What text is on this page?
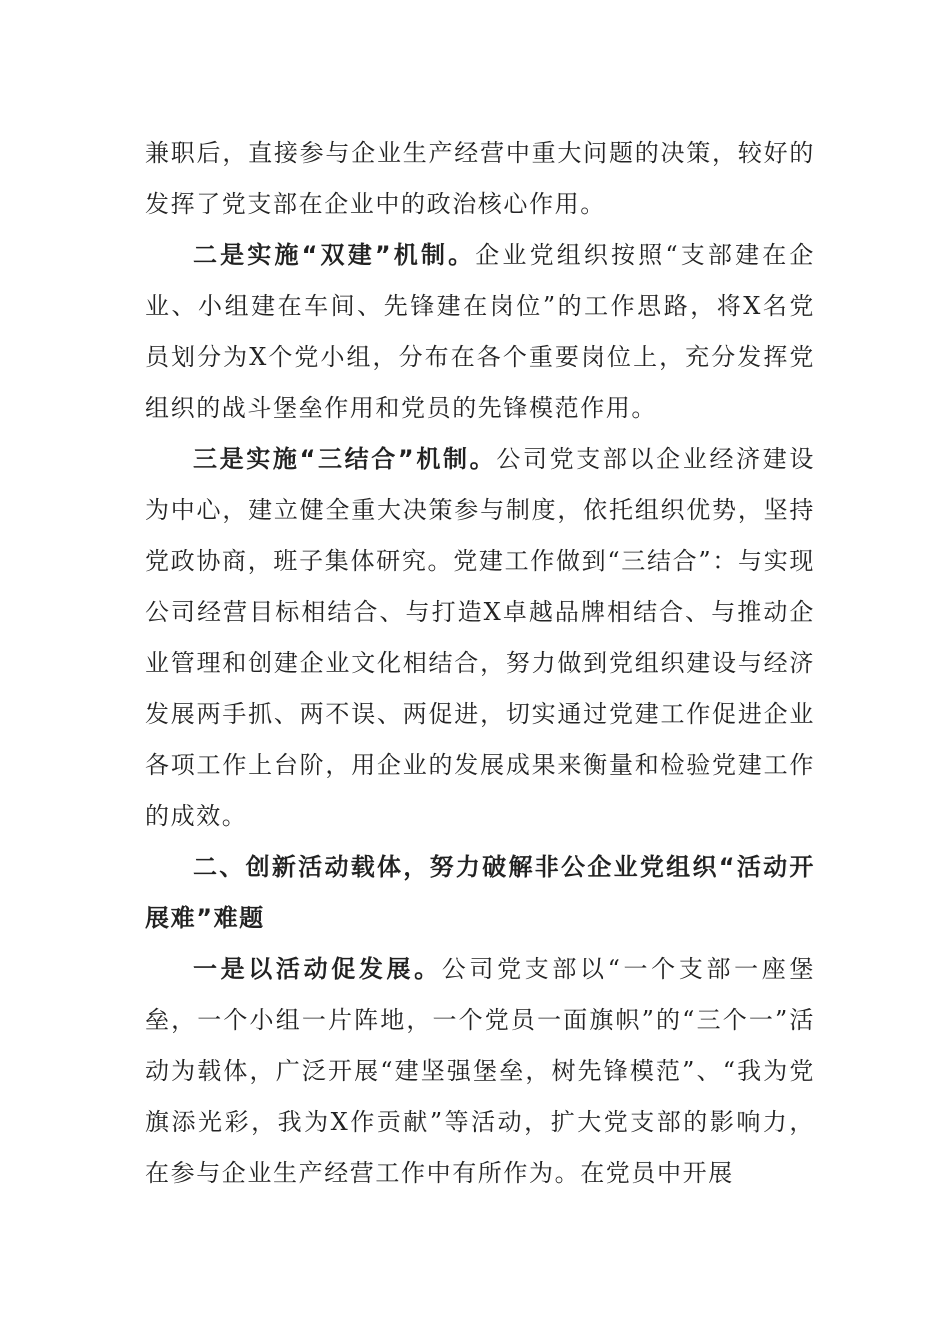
兼职后，直接参与企业生产经营中重大问题的决策，较好的发挥了党支部在企业中的政治核心作用。

二是实施“双建”机制。企业党组织按照“支部建在企业、小组建在车间、先锋建在岗位”的工作思路，将X名党员划分为X个党小组，分布在各个重要岗位上，充分发挥党组织的战斗堡垒作用和党员的先锋模范作用。

三是实施“三结合”机制。公司党支部以企业经济建设为中心，建立健全重大决策参与制度，依托组织优势，坚持党政协商，班子集体研究。党建工作做到“三结合”：与实现公司经营目标相结合、与打造X卓越品牌相结合、与推动企业管理和创建企业文化相结合，努力做到党组织建设与经济发展两手抓、两不误、两促进，切实通过党建工作促进企业各项工作上台阶，用企业的发展成果来衡量和检验党建工作的成效。

二、创新活动载体，努力破解非公企业党组织“活动开展难”难题

一是以活动促发展。公司党支部以“一个支部一座堡垒，一个小组一片阵地，一个党员一面旗帜”的“三个一”活动为载体，广泛开展“建坚强堡垒，树先锋模范”、“我为党旗添光彩，我为X作贡献”等活动，扩大党支部的影响力，在参与企业生产经营工作中有所作为。在党员中开展
